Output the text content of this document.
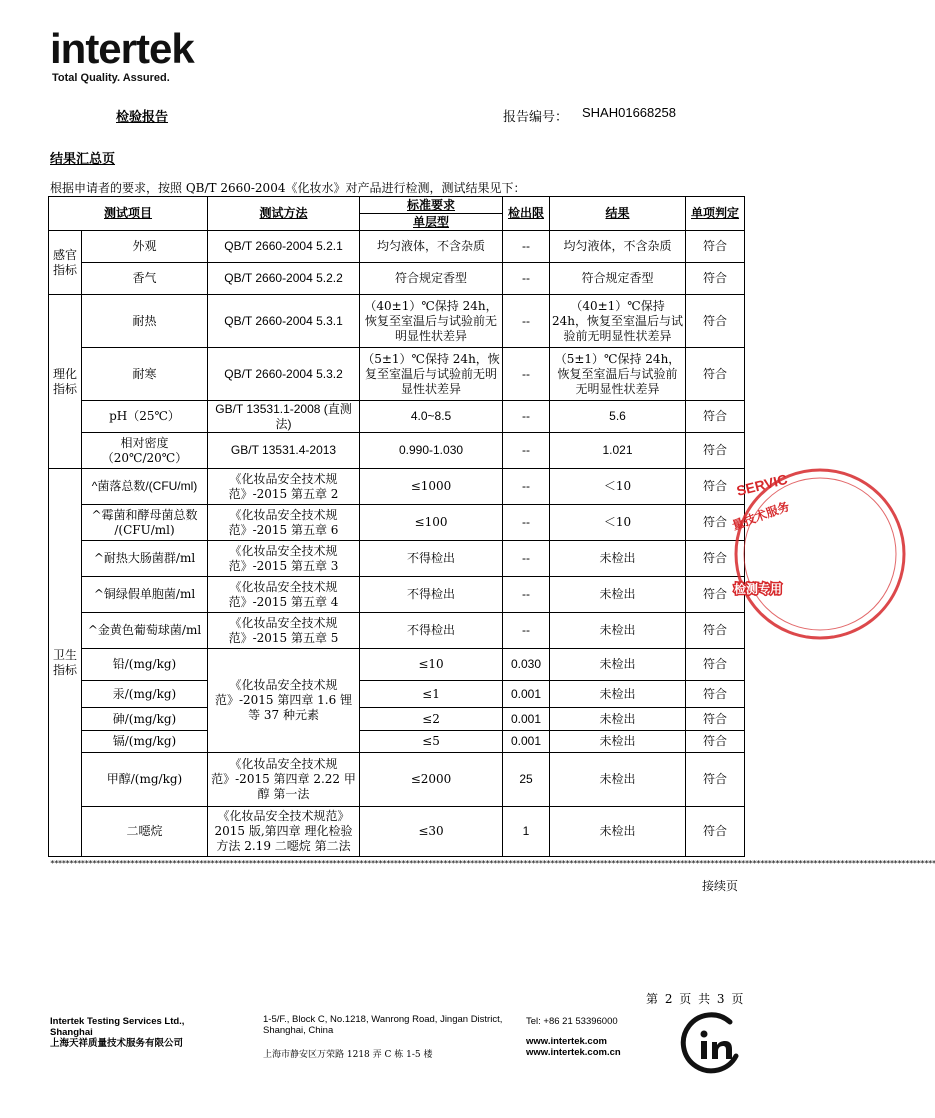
intertek
Total Quality. Assured.
检验报告	报告编号： SHAH01668258
结果汇总页
根据申请者的要求，按照 QB/T 2660-2004《化妆水》对产品进行检测，测试结果见下：
测试项目		测试方法	标准要求	检出限	结果	单项判定
			单层型			
感官
指标	外观	QB/T 2660-2004 5.2.1	均匀液体，不含杂质	--	均匀液体，不含杂质	符合
	香气	QB/T 2660-2004 5.2.2	符合规定香型	--	符合规定香型	符合
理化
指标	耐热	QB/T 2660-2004 5.3.1	（40±1）℃保持 24h，恢复至室温后与试验前无明显性状差异	--	（40±1）℃保持 24h，恢复至室温后与试验前无明显性状差异	符合
	耐寒	QB/T 2660-2004 5.3.2	（5±1）℃保持 24h，恢复至室温后与试验前无明显性状差异	--	（5±1）℃保持 24h，恢复至室温后与试验前无明显性状差异	符合
	pH（25℃）	GB/T 13531.1-2008 (直测法)	4.0~8.5	--	5.6	符合
	相对密度 （20℃/20℃）	GB/T 13531.4-2013	0.990-1.030	--	1.021	符合
卫生
指标	^菌落总数/(CFU/ml)	《化妆品安全技术规范》-2015 第五章 2	≤1000	--	＜10	符合
	^霉菌和酵母菌总数 /(CFU/ml)	《化妆品安全技术规范》-2015 第五章 6	≤100	--	＜10	符合
	^耐热大肠菌群/ml	《化妆品安全技术规范》-2015 第五章 3	不得检出	--	未检出	符合
	^铜绿假单胞菌/ml	《化妆品安全技术规范》-2015 第五章 4	不得检出	--	未检出	符合
	^金黄色葡萄球菌/ml	《化妆品安全技术规范》-2015 第五章 5	不得检出	--	未检出	符合
	铅/(mg/kg)	《化妆品安全技术规范》-2015 第四章 1.6 锂等 37 种元素	≤10	0.030	未检出	符合
	汞/(mg/kg)		≤1	0.001	未检出	符合
	砷/(mg/kg)		≤2	0.001	未检出	符合
	镉/(mg/kg)		≤5	0.001	未检出	符合
	甲醇/(mg/kg)	《化妆品安全技术规范》-2015 第四章 2.22 甲醇 第一法	≤2000	25	未检出	符合
	二噁烷	《化妆品安全技术规范》2015 版,第四章 理化检验方法 2.19 二噁烷 第二法	≤30	1	未检出	符合
SERVIC
量技术服务
检测专用
****************************************************************************************************************************************************************************************************************************************
接续页
第 2 页 共 3 页
Intertek Testing Services Ltd., Shanghai
上海天祥质量技术服务有限公司
1-5/F., Block C, No.1218, Wanrong Road, Jingan District, Shanghai, China
上海市静安区万荣路 1218 弄 C 栋 1-5 楼
Tel: +86 21 53396000
www.intertek.com
www.intertek.com.cn
